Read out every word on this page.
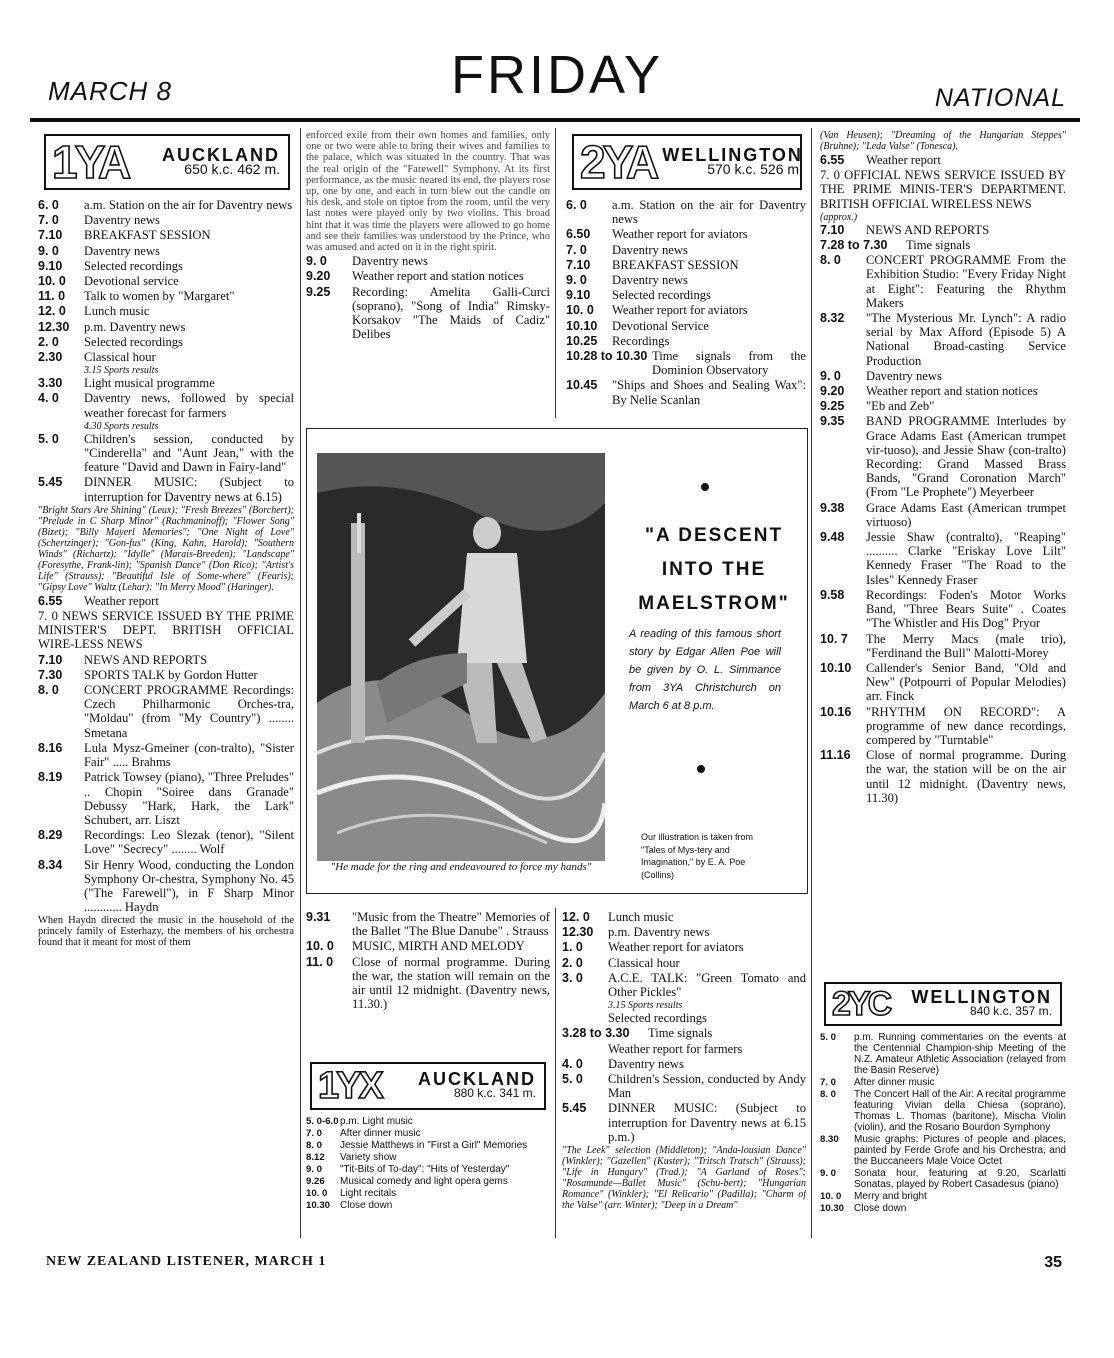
MARCH 8	FRIDAY	NATIONAL
1YA	AUCKLAND
650 k.c. 462 m.
6. 0	a.m. Station on the air for Daventry news
7. 0	Daventry news
7.10	BREAKFAST SESSION
9. 0	Daventry news
9.10	Selected recordings
10. 0	Devotional service
11. 0	Talk to women by "Margaret"
12. 0	Lunch music
12.30	p.m. Daventry news
2. 0	Selected recordings
2.30	Classical hour
3.15 Sports results
3.30	Light musical programme
4. 0	Daventry news, followed by special weather forecast for farmers
4.30 Sports results
5. 0	Children's session, conducted by "Cinderella" and "Aunt Jean," with the feature "David and Dawn in Fairy-land"
5.45	DINNER MUSIC: (Subject to interruption for Daventry news at 6.15)
"Bright Stars Are Shining" (Leux); "Fresh Breezes" (Borchert); "Prelude in C Sharp Minor" (Rachmaninoff); "Flower Song" (Bizet); "Billy Mayerl Memories"; "One Night of Love" (Schertzinger); "Gon-fus" (King, Kahn, Harold); "Southern Winds" (Richartz); "Idylle" (Marais-Breeden); "Landscape" (Foresythe, Frank-lin); "Spanish Dance" (Don Rico); "Artist's Life" (Strauss); "Beautiful Isle of Some-where" (Fearis); "Gipsy Love" Waltz (Lehar); "In Merry Mood" (Haringer).
6.55	Weather report
7. 0 NEWS SERVICE ISSUED BY THE PRIME MINISTER'S DEPT. BRITISH OFFICIAL WIRE-LESS NEWS
7.10	NEWS AND REPORTS
7.30	SPORTS TALK by Gordon Hutter
8. 0	CONCERT PROGRAMME Recordings: Czech Philharmonic Orches-tra, "Moldau" (from "My Country") ........ Smetana
8.16	Lula Mysz-Gmeiner (con-tralto), "Sister Fair" ..... Brahms
8.19	Patrick Towsey (piano), "Three Preludes" .. Chopin "Soiree dans Granade" Debussy "Hark, Hark, the Lark" Schubert, arr. Liszt
8.29	Recordings: Leo Slezak (tenor), "Silent Love" "Secrecy" ........ Wolf
8.34	Sir Henry Wood, conducting the London Symphony Or-chestra, Symphony No. 45 ("The Farewell"), in F Sharp Minor ............ Haydn
When Haydn directed the music in the household of the princely family of Esterhazy, the members of his orchestra found that it meant for most of them
enforced exile from their own homes and families, only one or two were able to bring their wives and families to the palace, which was situated in the country. That was the real origin of the "Farewell" Symphony. At its first performance, as the music neared its end, the players rose up, one by one, and each in turn blew out the candle on his desk, and stole on tiptoe from the room, until the very last notes were played only by two violins. This broad hint that it was time the players were allowed to go home and see their families was understood by the Prince, who was amused and acted on it in the right spirit.
9. 0	Daventry news
9.20	Weather report and station notices
9.25	Recording: Amelita Galli-Curci (soprano), "Song of India" Rimsky-Korsakov "The Maids of Cadiz" Delibes
2YA WELLINGTON
570 k.c. 526 m.
6. 0	a.m. Station on the air for Daventry news
6.50	Weather report for aviators
7. 0	Daventry news
7.10	BREAKFAST SESSION
9. 0	Daventry news
9.10	Selected recordings
10. 0	Weather report for aviators
10.10	Devotional Service
10.25	Recordings
10.28 to 10.30 Time signals from the Dominion Observatory
10.45	"Ships and Shoes and Sealing Wax": By Nelle Scanlan
"He made for the ring and endeavoured to force my hands"
"A DESCENT
INTO THE
MAELSTROM"
A reading of this famous short story by Edgar Allen Poe will be given by O. L. Simmance from 3YA Christchurch on March 6 at 8 p.m.
Our illustration is taken from "Tales of Mys-tery and Imagination," by E. A. Poe (Collins)
9.31	"Music from the Theatre" Memories of the Ballet "The Blue Danube" . Strauss
10. 0	MUSIC, MIRTH AND MELODY
11. 0	Close of normal programme. During the war, the station will remain on the air until 12 midnight. (Daventry news, 11.30.)
1YX	AUCKLAND
880 k.c. 341 m.
5. 0-6.0 p.m. Light music
7. 0	After dinner music
8. 0	Jessie Matthews in "First a Girl" Memories
8.12	Variety show
9. 0	"Tit-Bits of To-day": "Hits of Yesterday"
9.26	Musical comedy and light opera gems
10. 0	Light recitals
10.30 Close down
12. 0	Lunch music
12.30	p.m. Daventry news
1. 0	Weather report for aviators
2. 0	Classical hour
3. 0	A.C.E. TALK: "Green Tomato and Other Pickles"
3.15 Sports results
Selected recordings
3.28 to 3.30	Time signals
Weather report for farmers
4. 0	Daventry news
5. 0	Children's Session, conducted by Andy Man
5.45	DINNER MUSIC: (Subject to interruption for Daventry news at 6.15 p.m.)
"The Leek" selection (Middleton); "Anda-lousian Dance" (Winkler); "Gazellen" (Kuster); "Tritsch Tratsch" (Strauss); "Life in Hungary" (Trad.); "A Garland of Roses"; "Rosamunde—Ballet Music" (Schu-bert); "Hungarian Romance" (Winkler); "El Relicario" (Padilla); "Charm of the Valse" (arr. Winter); "Deep in a Dream"
(Van Heusen); "Dreaming of the Hungarian Steppes" (Bruhne); "Leda Valse" (Tonesca).
6.55	Weather report
7. 0 OFFICIAL NEWS SERVICE ISSUED BY THE PRIME MINIS-TER'S DEPARTMENT. BRITISH OFFICIAL WIRELESS NEWS
(approx.)
7.10	NEWS AND REPORTS
7.28 to 7.30	Time signals
8. 0	CONCERT PROGRAMME From the Exhibition Studio: "Every Friday Night at Eight": Featuring the Rhythm Makers
8.32	"The Mysterious Mr. Lynch": A radio serial by Max Afford (Episode 5) A National Broad-casting Service Production
9. 0	Daventry news
9.20	Weather report and station notices
9.25	"Eb and Zeb"
9.35	BAND PROGRAMME Interludes by Grace Adams East (American trumpet vir-tuoso), and Jessie Shaw (con-tralto) Recording: Grand Massed Brass Bands, "Grand Coronation March" (From "Le Prophete") Meyerbeer
9.38	Grace Adams East (American trumpet virtuoso)
9.48	Jessie Shaw (contralto), "Reaping" .......... Clarke "Eriskay Love Lilt" Kennedy Fraser "The Road to the Isles" Kennedy Fraser
9.58	Recordings: Foden's Motor Works Band, "Three Bears Suite" . Coates "The Whistler and His Dog" Pryor
10. 7	The Merry Macs (male trio), "Ferdinand the Bull" Malotti-Morey
10.10	Callender's Senior Band, "Old and New" (Potpourri of Popular Melodies) arr. Finck
10.16	"RHYTHM ON RECORD": A programme of new dance recordings, compered by "Turntable"
11.16	Close of normal programme. During the war, the station will be on the air until 12 midnight. (Daventry news, 11.30)
2YC	WELLINGTON
840 k.c. 357 m.
5. 0	p.m. Running commentaries on the events at the Centennial Champion-ship Meeting of the N.Z. Amateur Athletic Association (relayed from the Basin Reserve)
7. 0	After dinner music
8. 0	The Concert Hall of the Air: A recital programme featuring Vivian della Chiesa (soprano), Thomas L. Thomas (baritone), Mischa Violin (violin), and the Rosario Bourdon Symphony
8.30	Music graphs: Pictures of people and places, painted by Ferde Grofe and his Orchestra, and the Buccaneers Male Voice Octet
9. 0	Sonata hour, featuring at 9.20, Scarlatti Sonatas, played by Robert Casadesus (piano)
10. 0	Merry and bright
10.30 Close down
NEW ZEALAND LISTENER, MARCH 1	35
